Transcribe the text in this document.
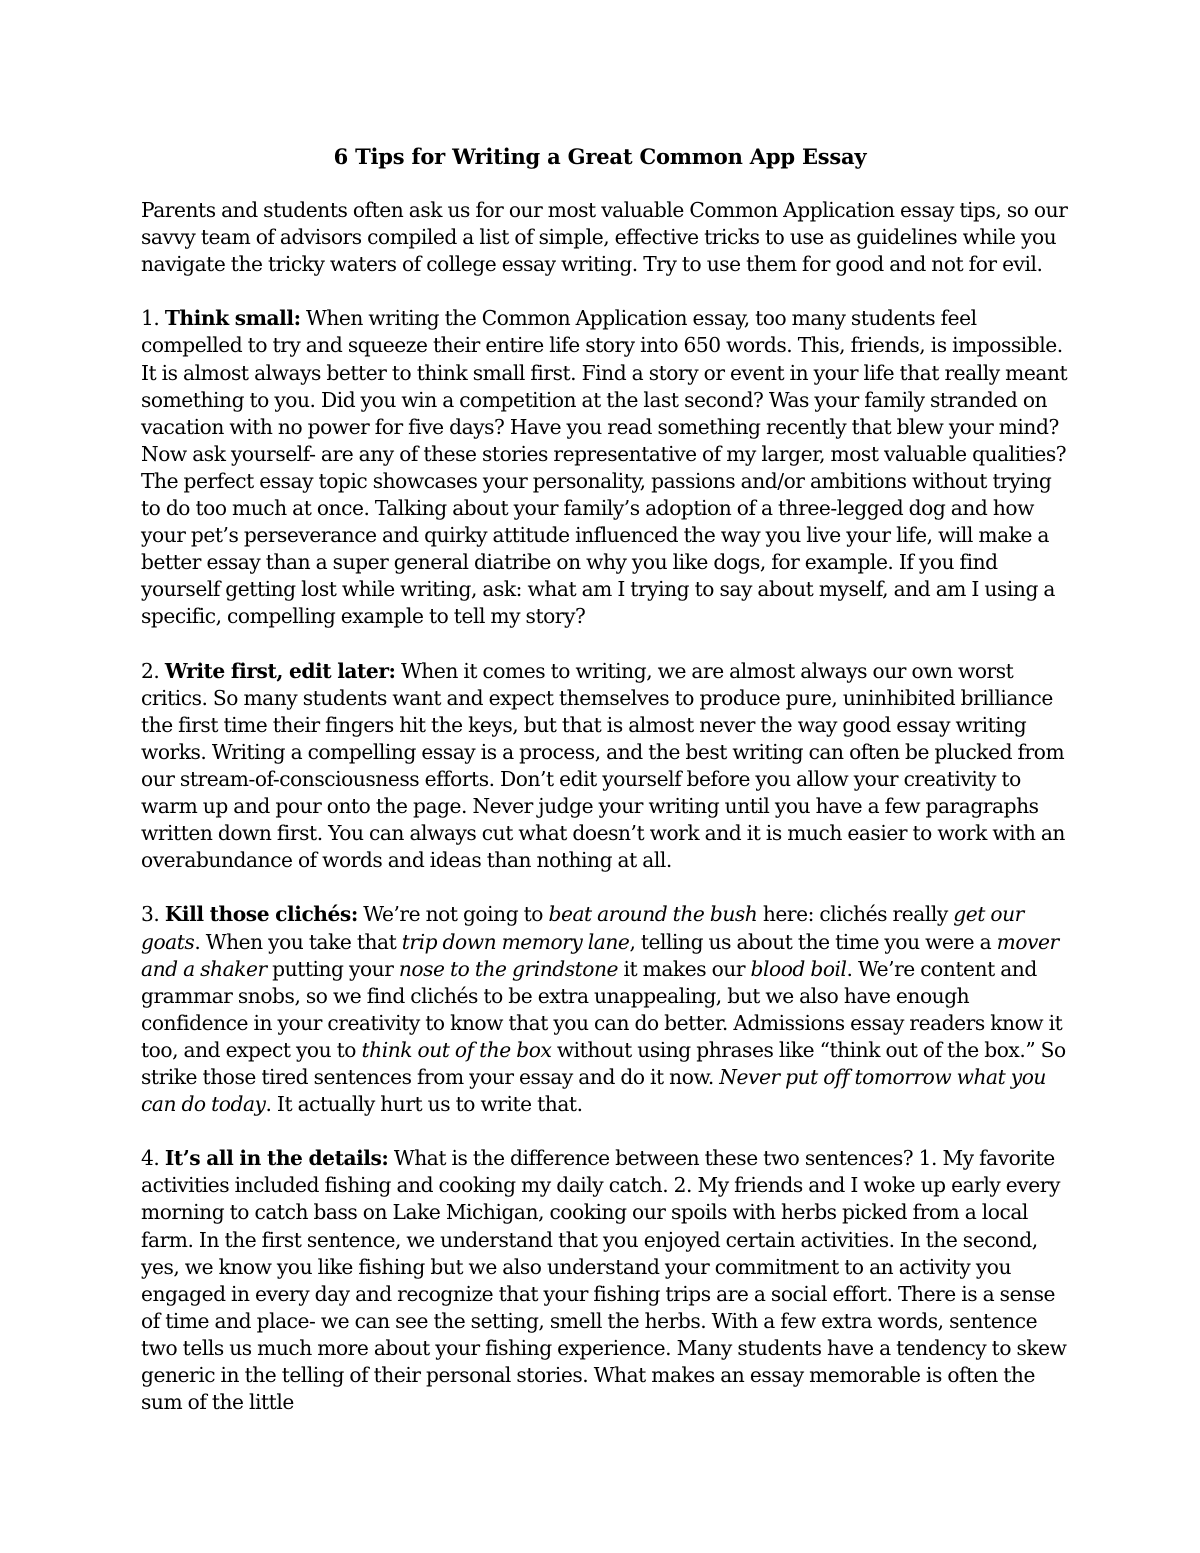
6 Tips for Writing a Great Common App Essay

Parents and students often ask us for our most valuable Common Application essay tips, so our savvy team of advisors compiled a list of simple, effective tricks to use as guidelines while you navigate the tricky waters of college essay writing. Try to use them for good and not for evil.

1. Think small: When writing the Common Application essay, too many students feel compelled to try and squeeze their entire life story into 650 words. This, friends, is impossible. It is almost always better to think small first. Find a story or event in your life that really meant something to you. Did you win a competition at the last second? Was your family stranded on vacation with no power for five days? Have you read something recently that blew your mind? Now ask yourself- are any of these stories representative of my larger, most valuable qualities? The perfect essay topic showcases your personality, passions and/or ambitions without trying to do too much at once. Talking about your family’s adoption of a three-legged dog and how your pet’s perseverance and quirky attitude influenced the way you live your life, will make a better essay than a super general diatribe on why you like dogs, for example. If you find yourself getting lost while writing, ask: what am I trying to say about myself, and am I using a specific, compelling example to tell my story?

2. Write first, edit later: When it comes to writing, we are almost always our own worst critics. So many students want and expect themselves to produce pure, uninhibited brilliance the first time their fingers hit the keys, but that is almost never the way good essay writing works. Writing a compelling essay is a process, and the best writing can often be plucked from our stream-of-consciousness efforts. Don’t edit yourself before you allow your creativity to warm up and pour onto the page. Never judge your writing until you have a few paragraphs written down first. You can always cut what doesn’t work and it is much easier to work with an overabundance of words and ideas than nothing at all.

3. Kill those clichés: We’re not going to beat around the bush here: clichés really get our goats. When you take that trip down memory lane, telling us about the time you were a mover and a shaker putting your nose to the grindstone it makes our blood boil. We’re content and grammar snobs, so we find clichés to be extra unappealing, but we also have enough confidence in your creativity to know that you can do better. Admissions essay readers know it too, and expect you to think out of the box without using phrases like “think out of the box.” So strike those tired sentences from your essay and do it now. Never put off tomorrow what you can do today. It actually hurt us to write that.

4. It’s all in the details: What is the difference between these two sentences? 1. My favorite activities included fishing and cooking my daily catch. 2. My friends and I woke up early every morning to catch bass on Lake Michigan, cooking our spoils with herbs picked from a local farm. In the first sentence, we understand that you enjoyed certain activities. In the second, yes, we know you like fishing but we also understand your commitment to an activity you engaged in every day and recognize that your fishing trips are a social effort. There is a sense of time and place- we can see the setting, smell the herbs. With a few extra words, sentence two tells us much more about your fishing experience. Many students have a tendency to skew generic in the telling of their personal stories. What makes an essay memorable is often the sum of the little
